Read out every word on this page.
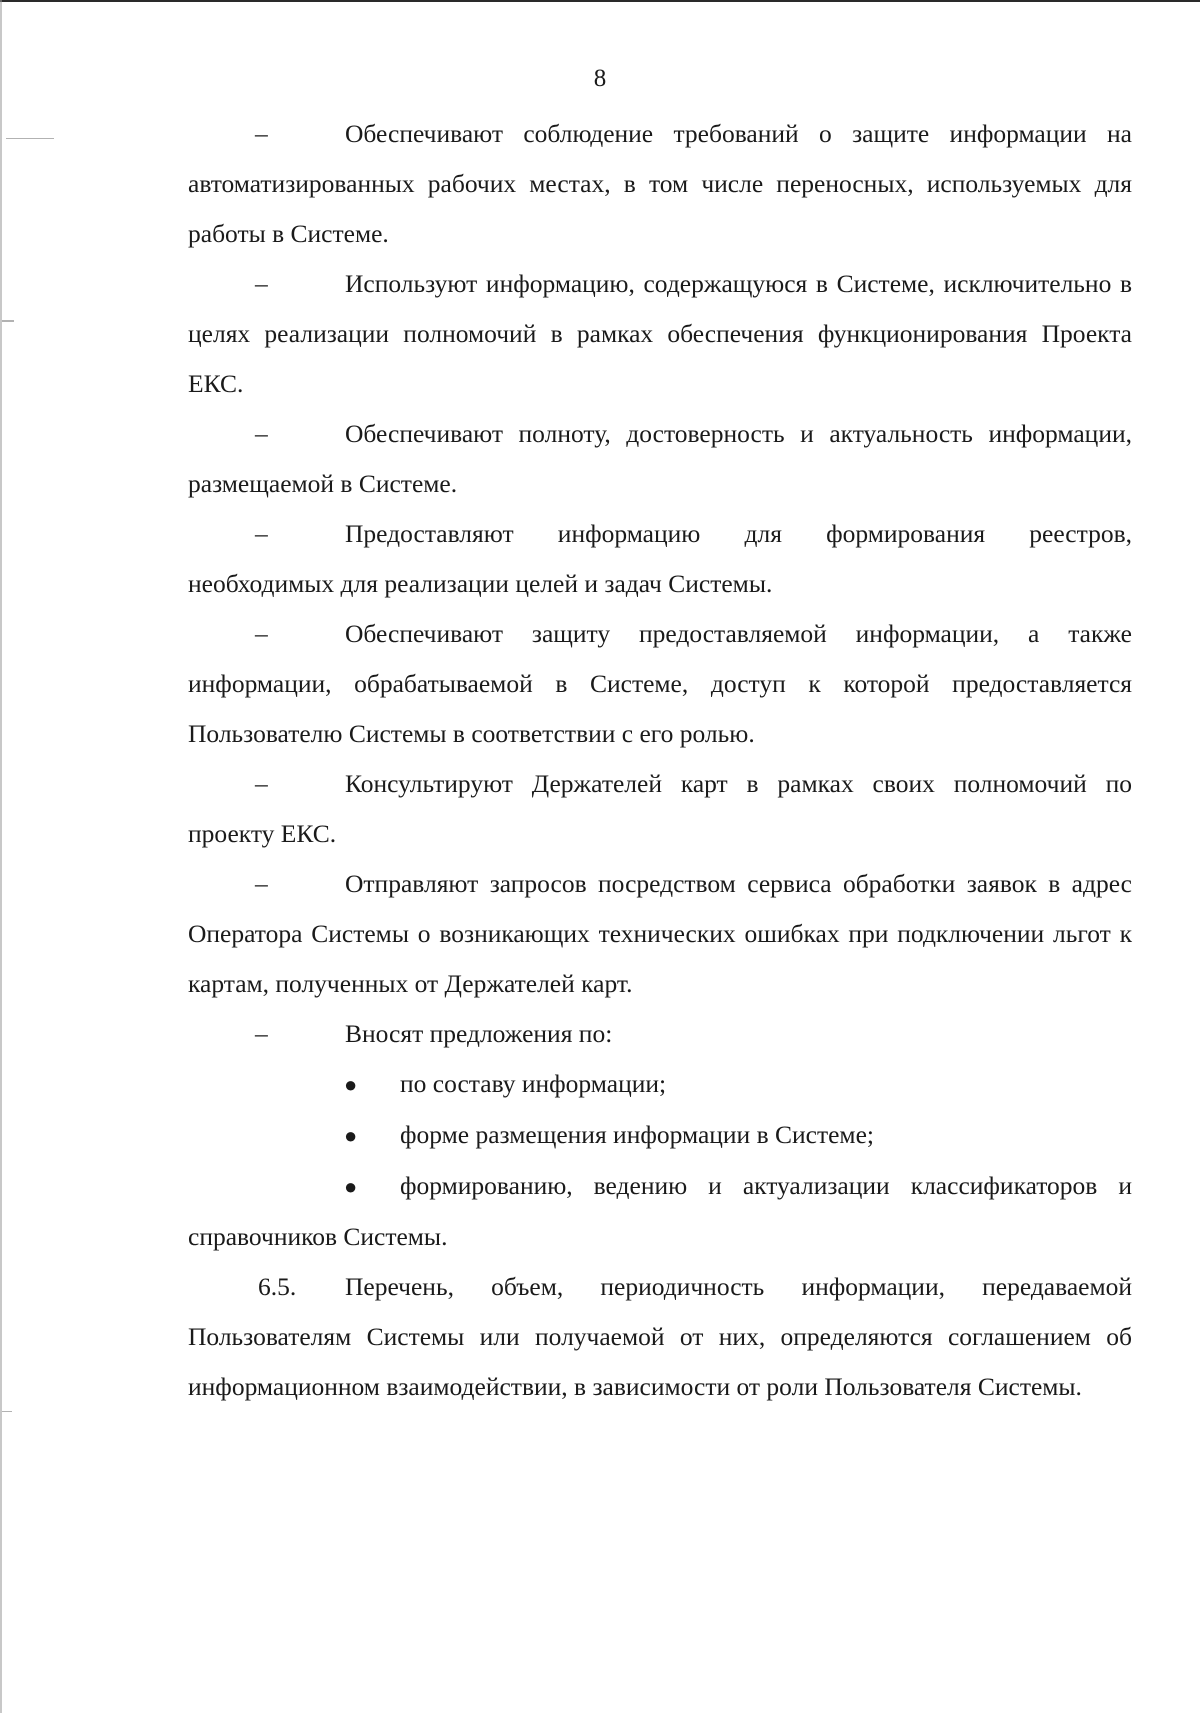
8

–	Обеспечивают соблюдение требований о защите информации на автоматизированных рабочих местах, в том числе переносных, используемых для работы в Системе.

–	Используют информацию, содержащуюся в Системе, исключительно в целях реализации полномочий в рамках обеспечения функционирования Проекта ЕКС.

–	Обеспечивают полноту, достоверность и актуальность информации, размещаемой в Системе.

–	Предоставляют информацию для формирования реестров, необходимых для реализации целей и задач Системы.

–	Обеспечивают защиту предоставляемой информации, а также информации, обрабатываемой в Системе, доступ к которой предоставляется Пользователю Системы в соответствии с его ролью.

–	Консультируют Держателей карт в рамках своих полномочий по проекту ЕКС.

–	Отправляют запросов посредством сервиса обработки заявок в адрес Оператора Системы о возникающих технических ошибках при подключении льгот к картам, полученных от Держателей карт.

–	Вносят предложения по:

● по составу информации;

● форме размещения информации в Системе;

● формированию, ведению и актуализации классификаторов и справочников Системы.

6.5. Перечень, объем, периодичность информации, передаваемой Пользователям Системы или получаемой от них, определяются соглашением об информационном взаимодействии, в зависимости от роли Пользователя Системы.
